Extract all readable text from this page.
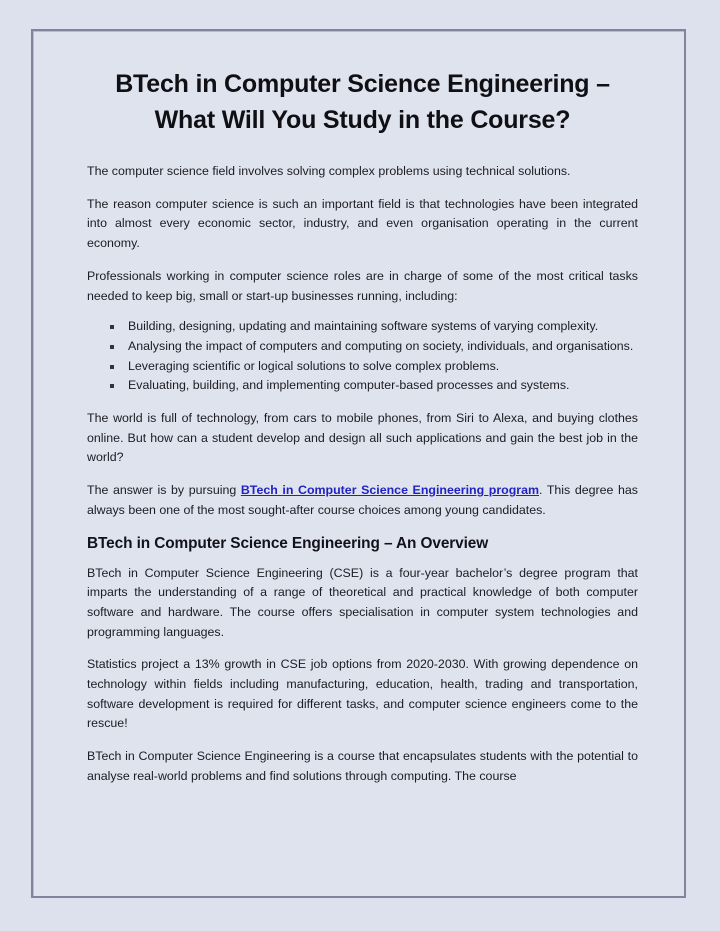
BTech in Computer Science Engineering –
What Will You Study in the Course?

The computer science field involves solving complex problems using technical solutions.

The reason computer science is such an important field is that technologies have been integrated into almost every economic sector, industry, and even organisation operating in the current economy.

Professionals working in computer science roles are in charge of some of the most critical tasks needed to keep big, small or start-up businesses running, including:

Building, designing, updating and maintaining software systems of varying complexity.
Analysing the impact of computers and computing on society, individuals, and organisations.
Leveraging scientific or logical solutions to solve complex problems.
Evaluating, building, and implementing computer-based processes and systems.

The world is full of technology, from cars to mobile phones, from Siri to Alexa, and buying clothes online. But how can a student develop and design all such applications and gain the best job in the world?

The answer is by pursuing BTech in Computer Science Engineering program. This degree has always been one of the most sought-after course choices among young candidates.

BTech in Computer Science Engineering – An Overview

BTech in Computer Science Engineering (CSE) is a four-year bachelor’s degree program that imparts the understanding of a range of theoretical and practical knowledge of both computer software and hardware. The course offers specialisation in computer system technologies and programming languages.

Statistics project a 13% growth in CSE job options from 2020-2030. With growing dependence on technology within fields including manufacturing, education, health, trading and transportation, software development is required for different tasks, and computer science engineers come to the rescue!

BTech in Computer Science Engineering is a course that encapsulates students with the potential to analyse real-world problems and find solutions through computing. The course
